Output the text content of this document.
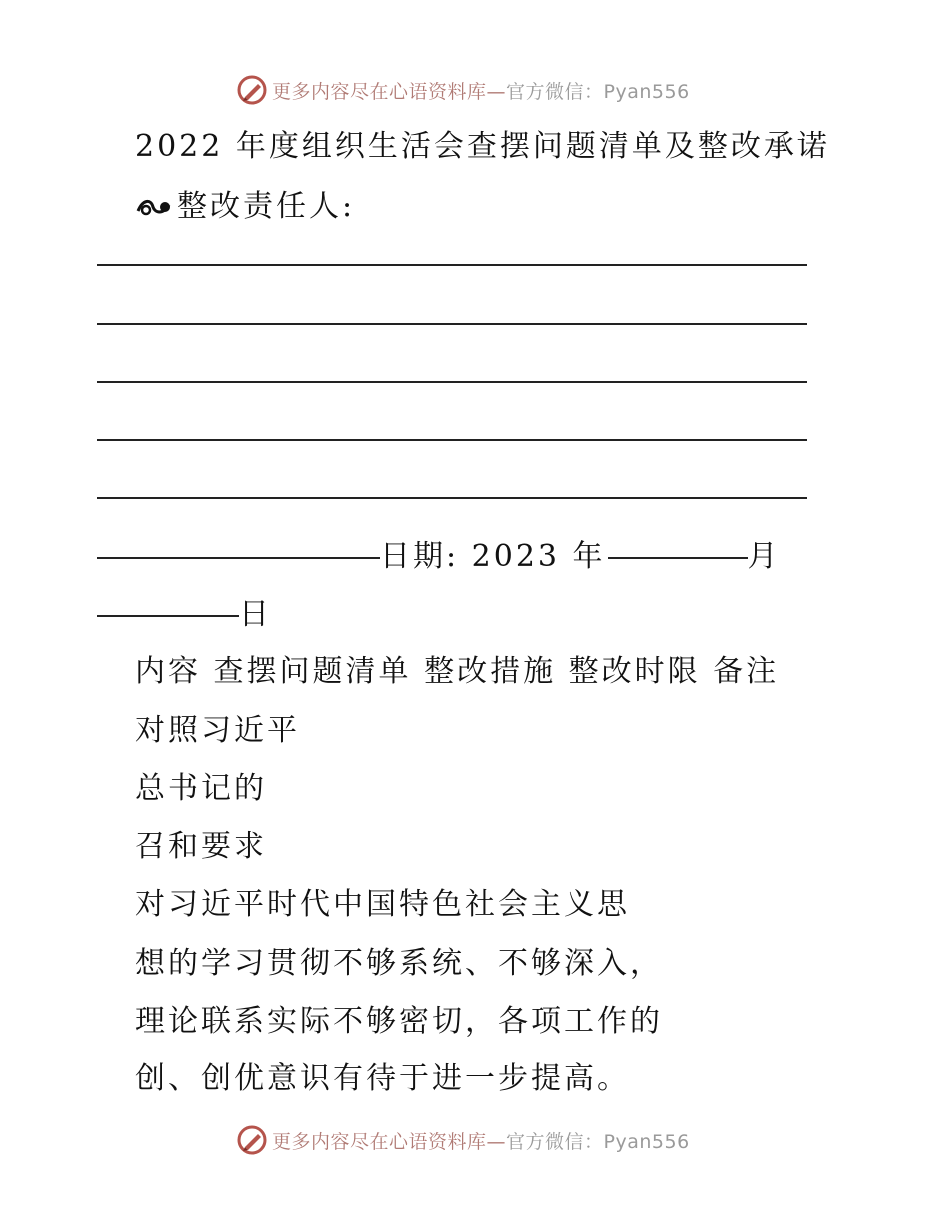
更多内容尽在心语资料库— 官方微信：Pyan556
2022 年度组织生活会查摆问题清单及整改承诺
整改责任人:
日期: 2023 年	月
日
内容 查摆问题清单 整改措施 整改时限 备注
对照习近平
总书记的
召和要求
对习近平时代中国特色社会主义思
想的学习贯彻不够系统、不够深入，
理论联系实际不够密切，各项工作的
创、创优意识有待于进一步提高。
更多内容尽在心语资料库— 官方微信：Pyan556
